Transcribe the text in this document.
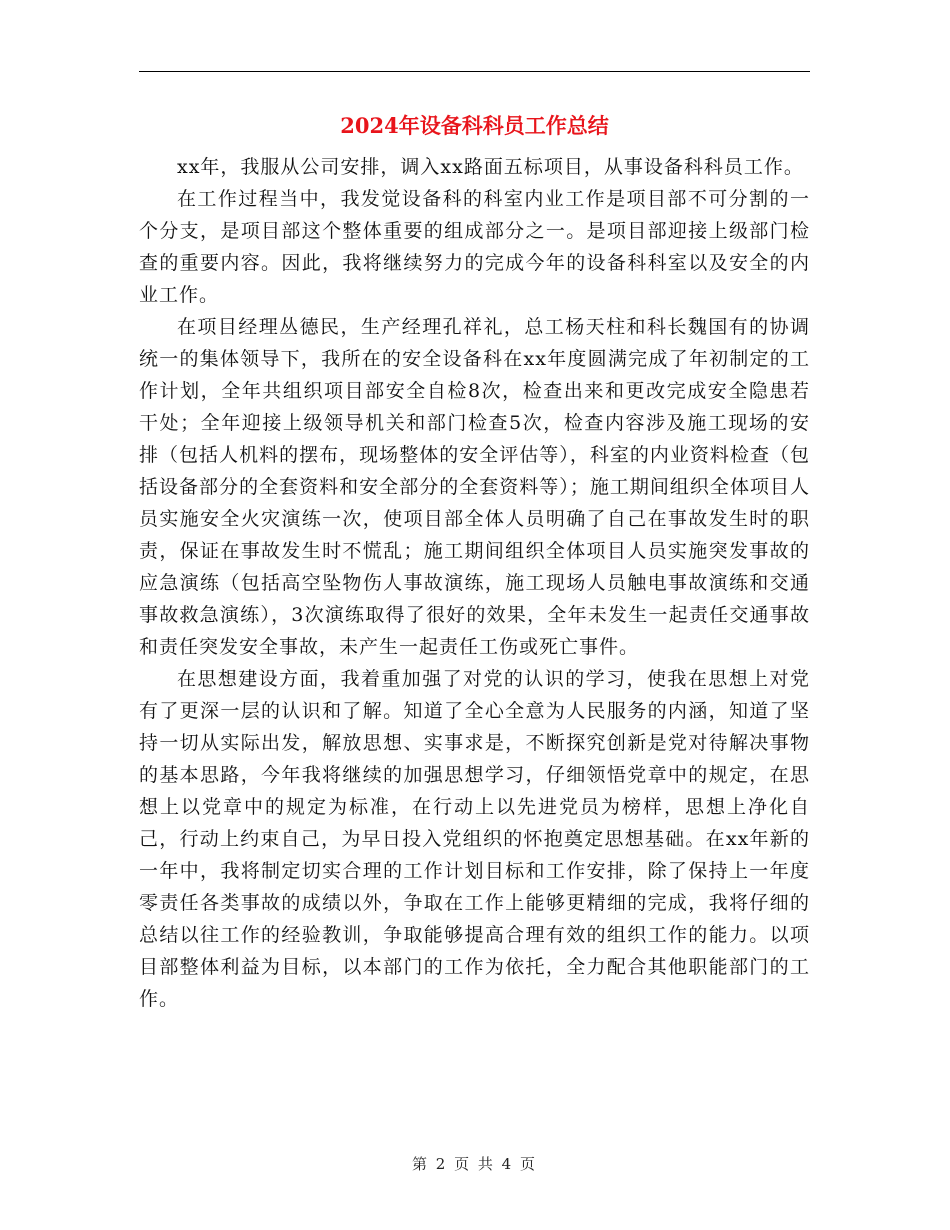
2024年设备科科员工作总结

xx年，我服从公司安排，调入xx路面五标项目，从事设备科科员工作。

在工作过程当中，我发觉设备科的科室内业工作是项目部不可分割的一个分支，是项目部这个整体重要的组成部分之一。是项目部迎接上级部门检查的重要内容。因此，我将继续努力的完成今年的设备科科室以及安全的内业工作。

在项目经理丛德民，生产经理孔祥礼，总工杨天柱和科长魏国有的协调统一的集体领导下，我所在的安全设备科在xx年度圆满完成了年初制定的工作计划，全年共组织项目部安全自检8次，检查出来和更改完成安全隐患若干处；全年迎接上级领导机关和部门检查5次，检查内容涉及施工现场的安排（包括人机料的摆布，现场整体的安全评估等），科室的内业资料检查（包括设备部分的全套资料和安全部分的全套资料等）；施工期间组织全体项目人员实施安全火灾演练一次，使项目部全体人员明确了自己在事故发生时的职责，保证在事故发生时不慌乱；施工期间组织全体项目人员实施突发事故的应急演练（包括高空坠物伤人事故演练，施工现场人员触电事故演练和交通事故救急演练），3次演练取得了很好的效果，全年未发生一起责任交通事故和责任突发安全事故，未产生一起责任工伤或死亡事件。

在思想建设方面，我着重加强了对党的认识的学习，使我在思想上对党有了更深一层的认识和了解。知道了全心全意为人民服务的内涵，知道了坚持一切从实际出发，解放思想、实事求是，不断探究创新是党对待解决事物的基本思路，今年我将继续的加强思想学习，仔细领悟党章中的规定，在思想上以党章中的规定为标准，在行动上以先进党员为榜样，思想上净化自己，行动上约束自己，为早日投入党组织的怀抱奠定思想基础。在xx年新的一年中，我将制定切实合理的工作计划目标和工作安排，除了保持上一年度零责任各类事故的成绩以外，争取在工作上能够更精细的完成，我将仔细的总结以往工作的经验教训，争取能够提高合理有效的组织工作的能力。以项目部整体利益为目标，以本部门的工作为依托，全力配合其他职能部门的工作。

第 2 页 共 4 页
